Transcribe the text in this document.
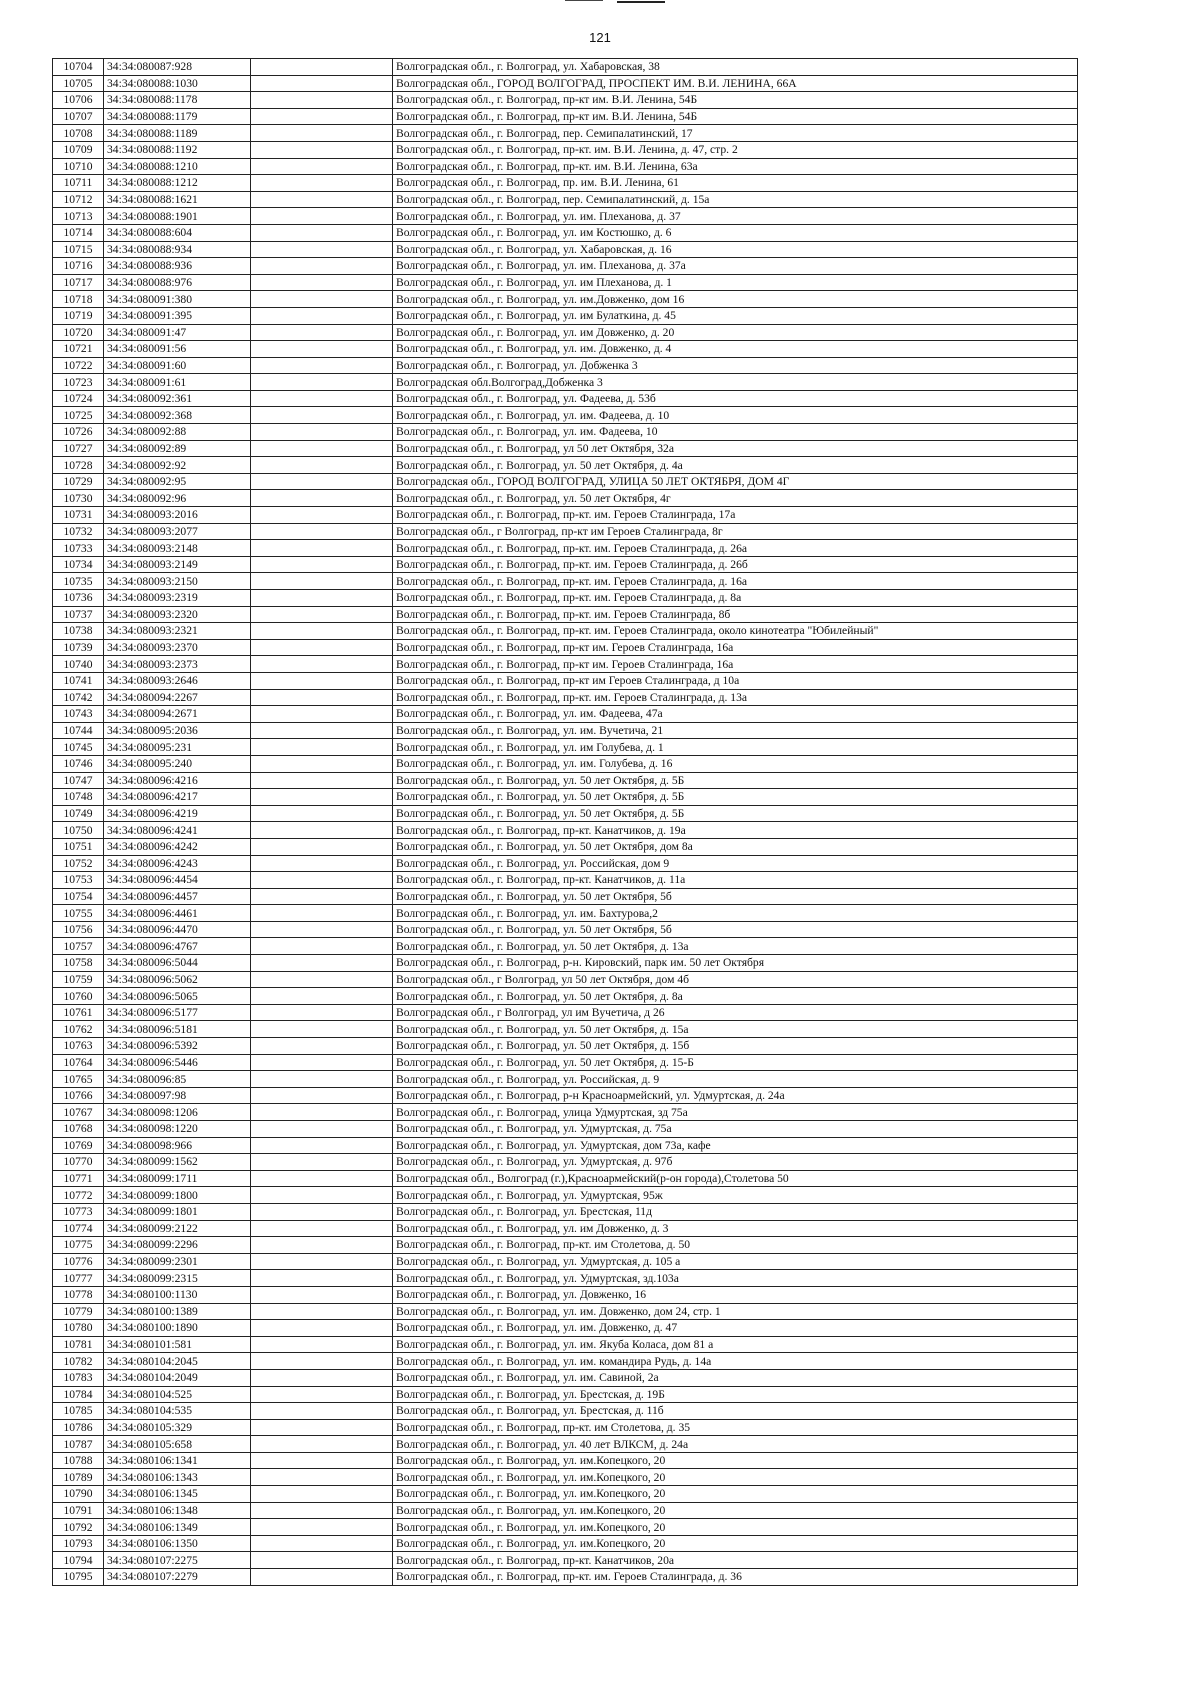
121
10704	34:34:080087:928		Волгоградская обл., г. Волгоград, ул. Хабаровская, 38
10705	34:34:080088:1030		Волгоградская обл., ГОРОД ВОЛГОГРАД, ПРОСПЕКТ ИМ. В.И. ЛЕНИНА, 66А
10706	34:34:080088:1178		Волгоградская обл., г. Волгоград, пр-кт им. В.И. Ленина, 54Б
10707	34:34:080088:1179		Волгоградская обл., г. Волгоград, пр-кт им. В.И. Ленина, 54Б
10708	34:34:080088:1189		Волгоградская обл., г. Волгоград, пер. Семипалатинский, 17
10709	34:34:080088:1192		Волгоградская обл., г. Волгоград, пр-кт. им. В.И. Ленина, д. 47, стр. 2
10710	34:34:080088:1210		Волгоградская обл., г. Волгоград, пр-кт. им. В.И. Ленина, 63а
10711	34:34:080088:1212		Волгоградская обл., г. Волгоград, пр. им. В.И. Ленина, 61
10712	34:34:080088:1621		Волгоградская обл., г. Волгоград, пер. Семипалатинский, д. 15а
10713	34:34:080088:1901		Волгоградская обл., г. Волгоград, ул. им. Плеханова, д. 37
10714	34:34:080088:604		Волгоградская обл., г. Волгоград, ул. им Костюшко, д. 6
10715	34:34:080088:934		Волгоградская обл., г. Волгоград, ул. Хабаровская, д. 16
10716	34:34:080088:936		Волгоградская обл., г. Волгоград, ул. им. Плеханова, д. 37а
10717	34:34:080088:976		Волгоградская обл., г. Волгоград, ул. им Плеханова, д. 1
10718	34:34:080091:380		Волгоградская обл., г. Волгоград, ул. им.Довженко, дом 16
10719	34:34:080091:395		Волгоградская обл., г. Волгоград, ул. им Булаткина, д. 45
10720	34:34:080091:47		Волгоградская обл., г. Волгоград, ул. им Довженко, д. 20
10721	34:34:080091:56		Волгоградская обл., г. Волгоград, ул. им. Довженко, д. 4
10722	34:34:080091:60		Волгоградская обл., г. Волгоград, ул. Добженка 3
10723	34:34:080091:61		Волгоградская обл.Волгоград,Добженка 3
10724	34:34:080092:361		Волгоградская обл., г. Волгоград, ул. Фадеева, д. 53б
10725	34:34:080092:368		Волгоградская обл., г. Волгоград, ул. им. Фадеева, д. 10
10726	34:34:080092:88		Волгоградская обл., г. Волгоград, ул. им. Фадеева, 10
10727	34:34:080092:89		Волгоградская обл., г. Волгоград, ул 50 лет Октября, 32а
10728	34:34:080092:92		Волгоградская обл., г. Волгоград, ул. 50 лет Октября, д. 4а
10729	34:34:080092:95		Волгоградская обл., ГОРОД ВОЛГОГРАД, УЛИЦА 50 ЛЕТ ОКТЯБРЯ, ДОМ 4Г
10730	34:34:080092:96		Волгоградская обл., г. Волгоград, ул. 50 лет Октября, 4г
10731	34:34:080093:2016		Волгоградская обл., г. Волгоград, пр-кт. им. Героев Сталинграда, 17а
10732	34:34:080093:2077		Волгоградская обл., г Волгоград, пр-кт им Героев Сталинграда, 8г
10733	34:34:080093:2148		Волгоградская обл., г. Волгоград, пр-кт. им. Героев Сталинграда, д. 26а
10734	34:34:080093:2149		Волгоградская обл., г. Волгоград, пр-кт. им. Героев Сталинграда, д. 26б
10735	34:34:080093:2150		Волгоградская обл., г. Волгоград, пр-кт. им. Героев Сталинграда, д. 16а
10736	34:34:080093:2319		Волгоградская обл., г. Волгоград, пр-кт. им. Героев Сталинграда, д. 8а
10737	34:34:080093:2320		Волгоградская обл., г. Волгоград, пр-кт. им. Героев Сталинграда, 8б
10738	34:34:080093:2321		Волгоградская обл., г. Волгоград, пр-кт. им. Героев Сталинграда, около кинотеатра "Юбилейный"
10739	34:34:080093:2370		Волгоградская обл., г. Волгоград, пр-кт им. Героев Сталинграда, 16а
10740	34:34:080093:2373		Волгоградская обл., г. Волгоград, пр-кт им. Героев Сталинграда, 16а
10741	34:34:080093:2646		Волгоградская обл., г. Волгоград, пр-кт им Героев Сталинграда, д 10а
10742	34:34:080094:2267		Волгоградская обл., г. Волгоград, пр-кт. им. Героев Сталинграда, д. 13а
10743	34:34:080094:2671		Волгоградская обл., г. Волгоград, ул. им. Фадеева, 47а
10744	34:34:080095:2036		Волгоградская обл., г. Волгоград, ул. им. Вучетича, 21
10745	34:34:080095:231		Волгоградская обл., г. Волгоград, ул. им Голубева, д. 1
10746	34:34:080095:240		Волгоградская обл., г. Волгоград, ул. им. Голубева, д. 16
10747	34:34:080096:4216		Волгоградская обл., г. Волгоград, ул. 50 лет Октября, д. 5Б
10748	34:34:080096:4217		Волгоградская обл., г. Волгоград, ул. 50 лет Октября, д. 5Б
10749	34:34:080096:4219		Волгоградская обл., г. Волгоград, ул. 50 лет Октября, д. 5Б
10750	34:34:080096:4241		Волгоградская обл., г. Волгоград, пр-кт. Канатчиков, д. 19а
10751	34:34:080096:4242		Волгоградская обл., г. Волгоград, ул. 50 лет Октября, дом 8а
10752	34:34:080096:4243		Волгоградская обл., г. Волгоград, ул. Российская, дом 9
10753	34:34:080096:4454		Волгоградская обл., г. Волгоград, пр-кт. Канатчиков, д. 11а
10754	34:34:080096:4457		Волгоградская обл., г. Волгоград, ул. 50 лет Октября, 5б
10755	34:34:080096:4461		Волгоградская обл., г. Волгоград, ул. им. Бахтурова,2
10756	34:34:080096:4470		Волгоградская обл., г. Волгоград, ул. 50 лет Октября, 5б
10757	34:34:080096:4767		Волгоградская обл., г. Волгоград, ул. 50 лет Октября, д. 13а
10758	34:34:080096:5044		Волгоградская обл., г. Волгоград, р-н. Кировский, парк им. 50 лет Октября
10759	34:34:080096:5062		Волгоградская обл., г Волгоград, ул 50 лет Октября, дом 4б
10760	34:34:080096:5065		Волгоградская обл., г. Волгоград, ул. 50 лет Октября, д. 8а
10761	34:34:080096:5177		Волгоградская обл., г Волгоград, ул им Вучетича, д 26
10762	34:34:080096:5181		Волгоградская обл., г. Волгоград, ул. 50 лет Октября, д. 15а
10763	34:34:080096:5392		Волгоградская обл., г. Волгоград, ул. 50 лет Октября, д. 15б
10764	34:34:080096:5446		Волгоградская обл., г. Волгоград, ул. 50 лет Октября, д. 15-Б
10765	34:34:080096:85		Волгоградская обл., г. Волгоград, ул. Российская, д. 9
10766	34:34:080097:98		Волгоградская обл., г. Волгоград, р-н Красноармейский, ул. Удмуртская, д. 24а
10767	34:34:080098:1206		Волгоградская обл., г. Волгоград, улица Удмуртская, зд 75а
10768	34:34:080098:1220		Волгоградская обл., г. Волгоград, ул. Удмуртская, д. 75а
10769	34:34:080098:966		Волгоградская обл., г. Волгоград, ул. Удмуртская, дом 73а, кафе
10770	34:34:080099:1562		Волгоградская обл., г. Волгоград, ул. Удмуртская, д. 97б
10771	34:34:080099:1711		Волгоградская обл., Волгоград (г.),Красноармейский(р-он города),Столетова 50
10772	34:34:080099:1800		Волгоградская обл., г. Волгоград, ул. Удмуртская, 95ж
10773	34:34:080099:1801		Волгоградская обл., г. Волгоград, ул. Брестская, 11д
10774	34:34:080099:2122		Волгоградская обл., г. Волгоград, ул. им Довженко, д. 3
10775	34:34:080099:2296		Волгоградская обл., г. Волгоград, пр-кт. им Столетова, д. 50
10776	34:34:080099:2301		Волгоградская обл., г. Волгоград, ул. Удмуртская, д. 105 а
10777	34:34:080099:2315		Волгоградская обл., г. Волгоград, ул. Удмуртская, зд.103а
10778	34:34:080100:1130		Волгоградская обл., г. Волгоград, ул. Довженко, 16
10779	34:34:080100:1389		Волгоградская обл., г. Волгоград, ул. им. Довженко, дом 24, стр. 1
10780	34:34:080100:1890		Волгоградская обл., г. Волгоград, ул. им. Довженко, д. 47
10781	34:34:080101:581		Волгоградская обл., г. Волгоград, ул. им. Якуба Коласа, дом 81 а
10782	34:34:080104:2045		Волгоградская обл., г. Волгоград, ул. им. командира Рудь, д. 14а
10783	34:34:080104:2049		Волгоградская обл., г. Волгоград, ул. им. Савиной, 2а
10784	34:34:080104:525		Волгоградская обл., г. Волгоград, ул. Брестская, д. 19Б
10785	34:34:080104:535		Волгоградская обл., г. Волгоград, ул. Брестская, д. 11б
10786	34:34:080105:329		Волгоградская обл., г. Волгоград, пр-кт. им Столетова, д. 35
10787	34:34:080105:658		Волгоградская обл., г. Волгоград, ул. 40 лет ВЛКСМ, д. 24а
10788	34:34:080106:1341		Волгоградская обл., г. Волгоград, ул. им.Копецкого, 20
10789	34:34:080106:1343		Волгоградская обл., г. Волгоград, ул. им.Копецкого, 20
10790	34:34:080106:1345		Волгоградская обл., г. Волгоград, ул. им.Копецкого, 20
10791	34:34:080106:1348		Волгоградская обл., г. Волгоград, ул. им.Копецкого, 20
10792	34:34:080106:1349		Волгоградская обл., г. Волгоград, ул. им.Копецкого, 20
10793	34:34:080106:1350		Волгоградская обл., г. Волгоград, ул. им.Копецкого, 20
10794	34:34:080107:2275		Волгоградская обл., г. Волгоград, пр-кт. Канатчиков, 20а
10795	34:34:080107:2279		Волгоградская обл., г. Волгоград, пр-кт. им. Героев Сталинграда, д. 36
